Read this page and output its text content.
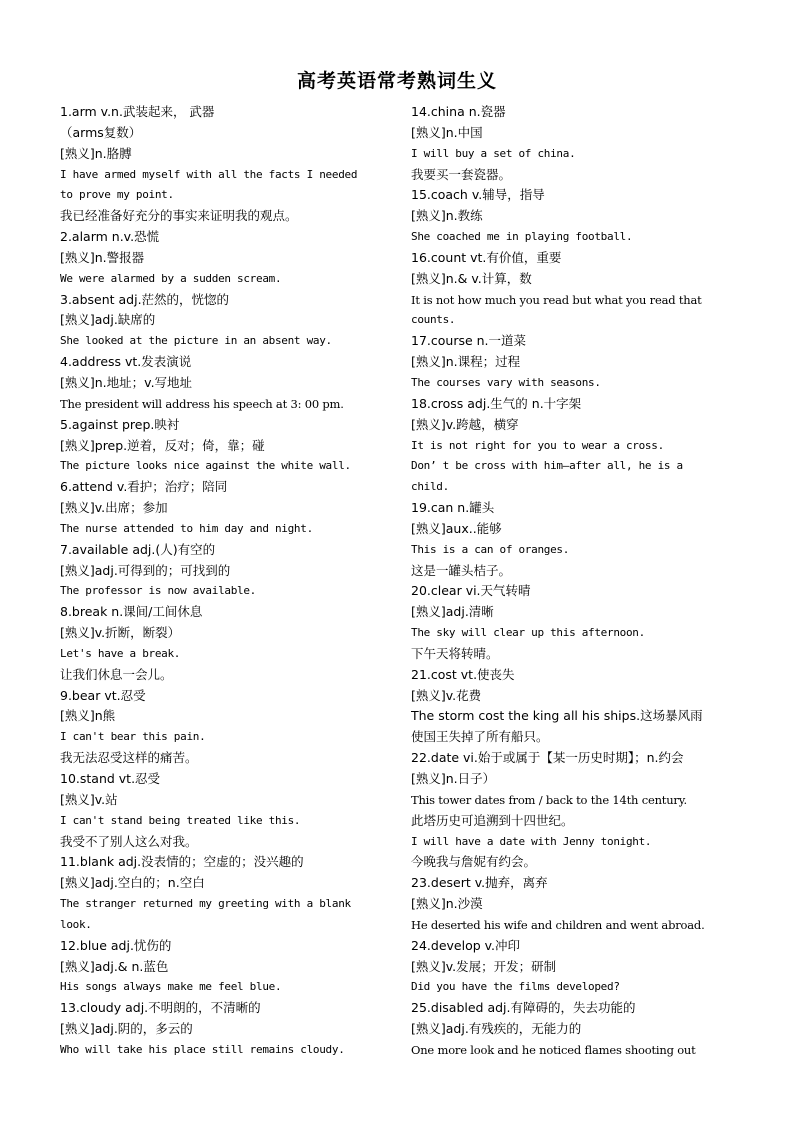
高考英语常考熟词生义
1.arm v.n.武装起来， 武器
（arms复数）
[熟义]n.胳膊
I have armed myself with all the facts I needed
to prove my point.
我已经准备好充分的事实来证明我的观点。
2.alarm n.v.恐慌
[熟义]n.警报器
We were alarmed by a sudden scream.
3.absent adj.茫然的，恍惚的
[熟义]adj.缺席的
She looked at the picture in an absent way.
4.address vt.发表演说
[熟义]n.地址；v.写地址
The president will address his speech at 3: 00 pm.
5.against prep.映衬
[熟义]prep.逆着，反对；倚，靠；碰
The picture looks nice against the white wall.
6.attend v.看护；治疗；陪同
[熟义]v.出席；参加
The nurse attended to him day and night.
7.available adj.(人)有空的
[熟义]adj.可得到的；可找到的
The professor is now available.
8.break n.课间/工间休息
[熟义]v.折断，断裂）
Let's have a break.
让我们休息一会儿。
9.bear vt.忍受
[熟义]n熊
I can't bear this pain.
我无法忍受这样的痛苦。
10.stand vt.忍受
[熟义]v.站
I can't stand being treated like this.
我受不了别人这么对我。
11.blank adj.没表情的；空虚的；没兴趣的
[熟义]adj.空白的；n.空白
The stranger returned my greeting with a blank
look.
12.blue adj.忧伤的
[熟义]adj.& n.蓝色
His songs always make me feel blue.
13.cloudy adj.不明朗的，不清晰的
[熟义]adj.阴的，多云的
Who will take his place still remains cloudy.
14.china n.瓷器
[熟义]n.中国
I will buy a set of china.
我要买一套瓷器。
15.coach v.辅导，指导
[熟义]n.教练
She coached me in playing football.
16.count vt.有价值，重要
[熟义]n.& v.计算，数
It is not how much you read but what you read that
counts.
17.course n.一道菜
[熟义]n.课程；过程
The courses vary with seasons.
18.cross adj.生气的 n.十字架
[熟义]v.跨越，横穿
It is not right for you to wear a cross.
Don’ t be cross with him—after all, he is a
child.
19.can n.罐头
[熟义]aux..能够
This is a can of oranges.
这是一罐头桔子。
20.clear vi.天气转晴
[熟义]adj.清晰
The sky will clear up this afternoon.
下午天将转晴。
21.cost vt.使丧失
[熟义]v.花费
The storm cost the king all his ships.这场暴风雨
使国王失掉了所有船只。
22.date vi.始于或属于【某一历史时期】；n.约会
[熟义]n.日子）
This tower dates from / back to the 14th century.
此塔历史可追溯到十四世纪。
I will have a date with Jenny tonight.
今晚我与詹妮有约会。
23.desert v.抛弃，离弃
[熟义]n.沙漠
He deserted his wife and children and went abroad.
24.develop v.冲印
[熟义]v.发展；开发；研制
Did you have the films developed?
25.disabled adj.有障碍的，失去功能的
[熟义]adj.有残疾的，无能力的
One more look and he noticed flames shooting out
